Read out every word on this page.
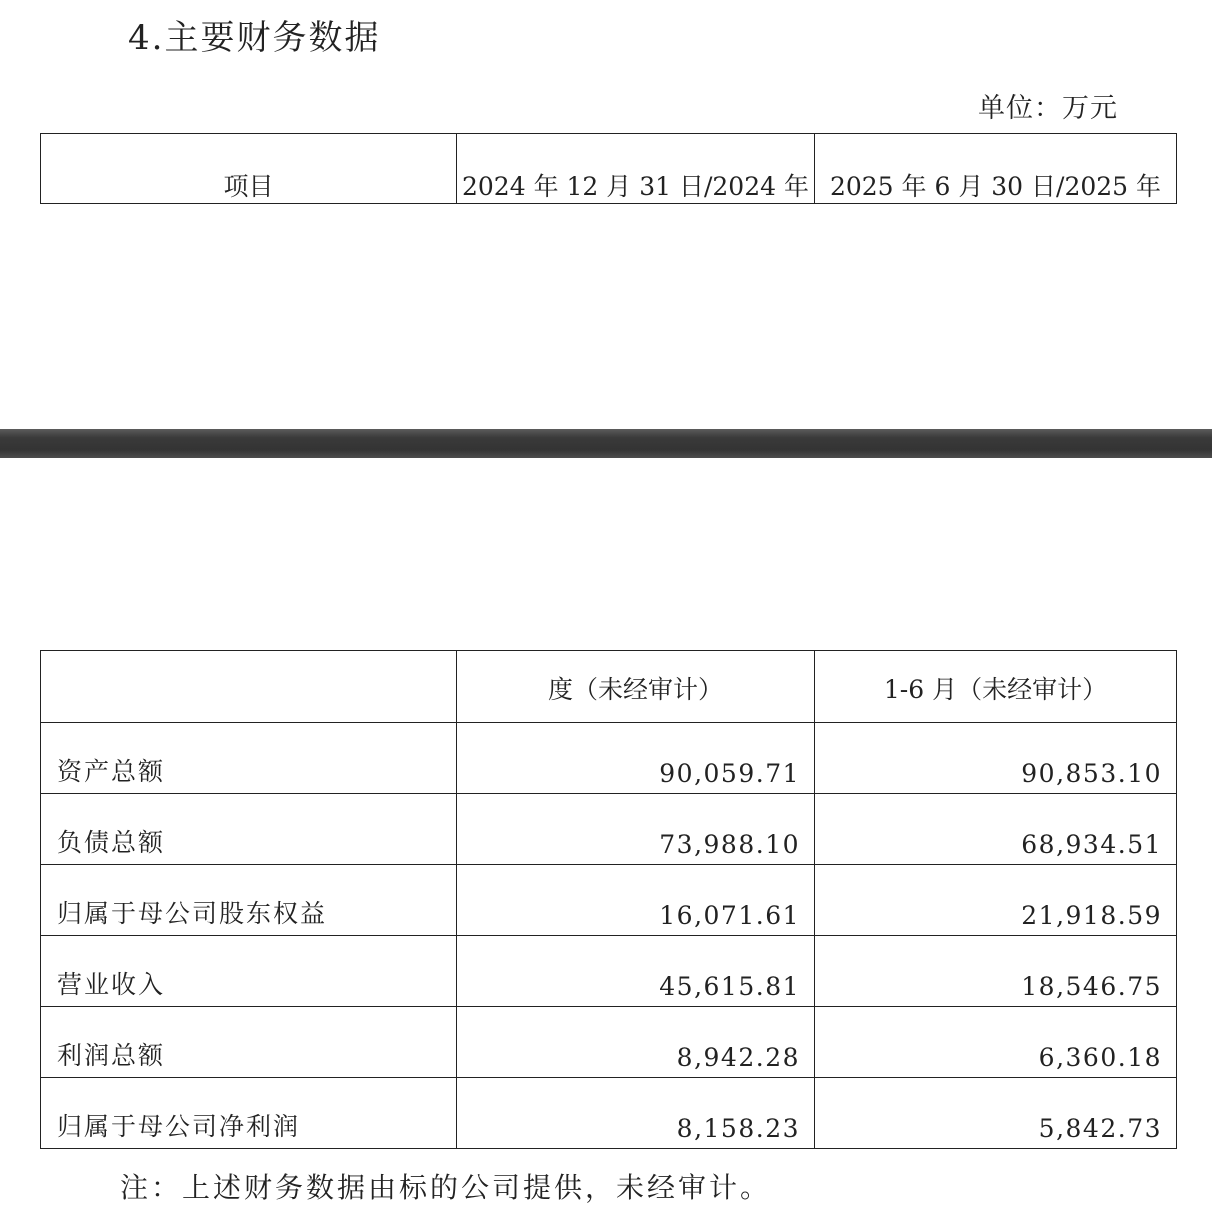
4.主要财务数据
单位：万元
项目	2024 年 12 月 31 日/2024 年	2025 年 6 月 30 日/2025 年
	度（未经审计）	1-6 月（未经审计）
资产总额	90,059.71	90,853.10
负债总额	73,988.10	68,934.51
归属于母公司股东权益	16,071.61	21,918.59
营业收入	45,615.81	18,546.75
利润总额	8,942.28	6,360.18
归属于母公司净利润	8,158.23	5,842.73
注：上述财务数据由标的公司提供，未经审计。
